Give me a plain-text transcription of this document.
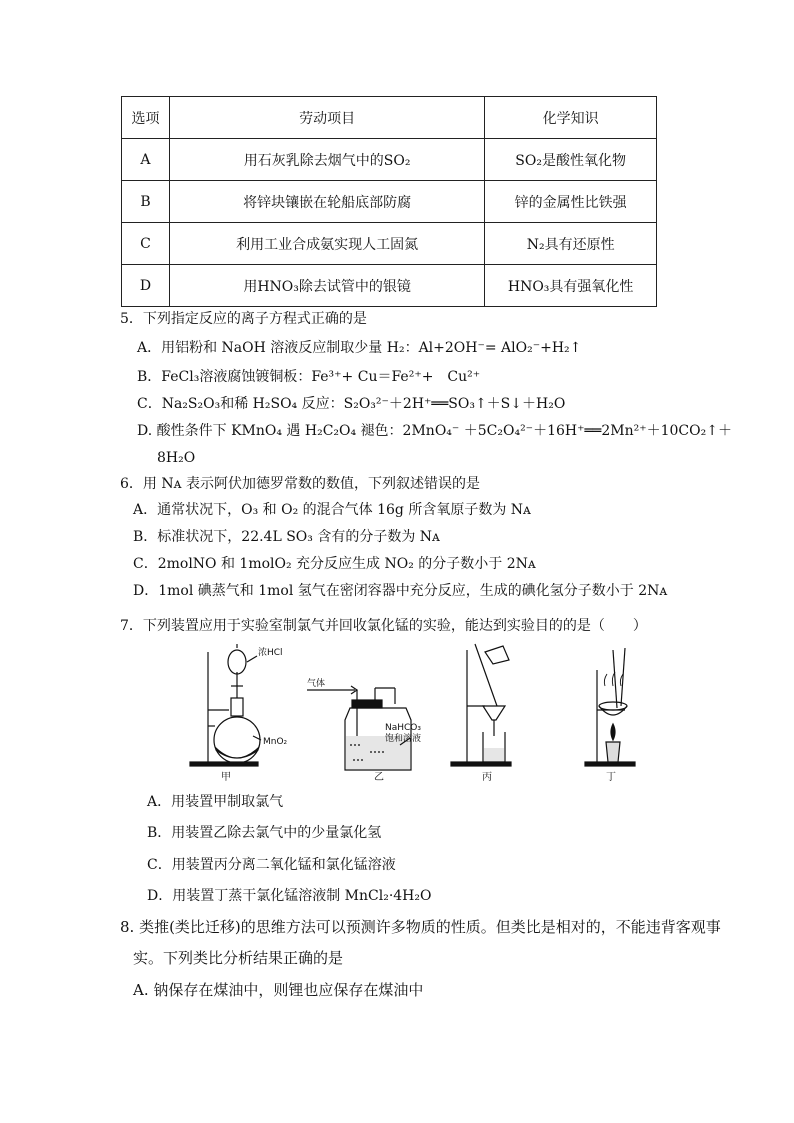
选项	劳动项目	化学知识
A	用石灰乳除去烟气中的SO₂	SO₂是酸性氧化物
B	将锌块镶嵌在轮船底部防腐	锌的金属性比铁强
C	利用工业合成氨实现人工固氮	N₂具有还原性
D	用HNO₃除去试管中的银镜	HNO₃具有强氧化性
5．下列指定反应的离子方程式正确的是
A．用铝粉和 NaOH 溶液反应制取少量 H₂：Al+2OH⁻= AlO₂⁻+H₂↑
B．FeCl₃溶液腐蚀镀铜板：Fe³⁺+ Cu＝Fe²⁺+　Cu²⁺
C．Na₂S₂O₃和稀 H₂SO₄ 反应：S₂O₃²⁻＋2H⁺══SO₃↑＋S↓＋H₂O
D. 酸性条件下 KMnO₄ 遇 H₂C₂O₄ 褪色：2MnO₄⁻ ＋5C₂O₄²⁻＋16H⁺══2Mn²⁺＋10CO₂↑＋
8H₂O
6．用 Nᴀ 表示阿伏加德罗常数的数值，下列叙述错误的是
A．通常状况下，O₃ 和 O₂ 的混合气体 16g 所含氧原子数为 Nᴀ
B．标准状况下，22.4L SO₃ 含有的分子数为 Nᴀ
C．2molNO 和 1molO₂ 充分反应生成 NO₂ 的分子数小于 2Nᴀ
D．1mol 碘蒸气和 1mol 氢气在密闭容器中充分反应，生成的碘化氢分子数小于 2Nᴀ
7．下列装置应用于实验室制氯气并回收氯化锰的实验，能达到实验目的的是（　　）
浓HCl
MnO₂
气体
NaHCO₃
饱和溶液
甲	乙	丙	丁
A．用装置甲制取氯气
B．用装置乙除去氯气中的少量氯化氢
C．用装置丙分离二氧化锰和氯化锰溶液
D．用装置丁蒸干氯化锰溶液制 MnCl₂·4H₂O
8. 类推(类比迁移)的思维方法可以预测许多物质的性质。但类比是相对的，不能违背客观事
实。下列类比分析结果正确的是
A. 钠保存在煤油中，则锂也应保存在煤油中
